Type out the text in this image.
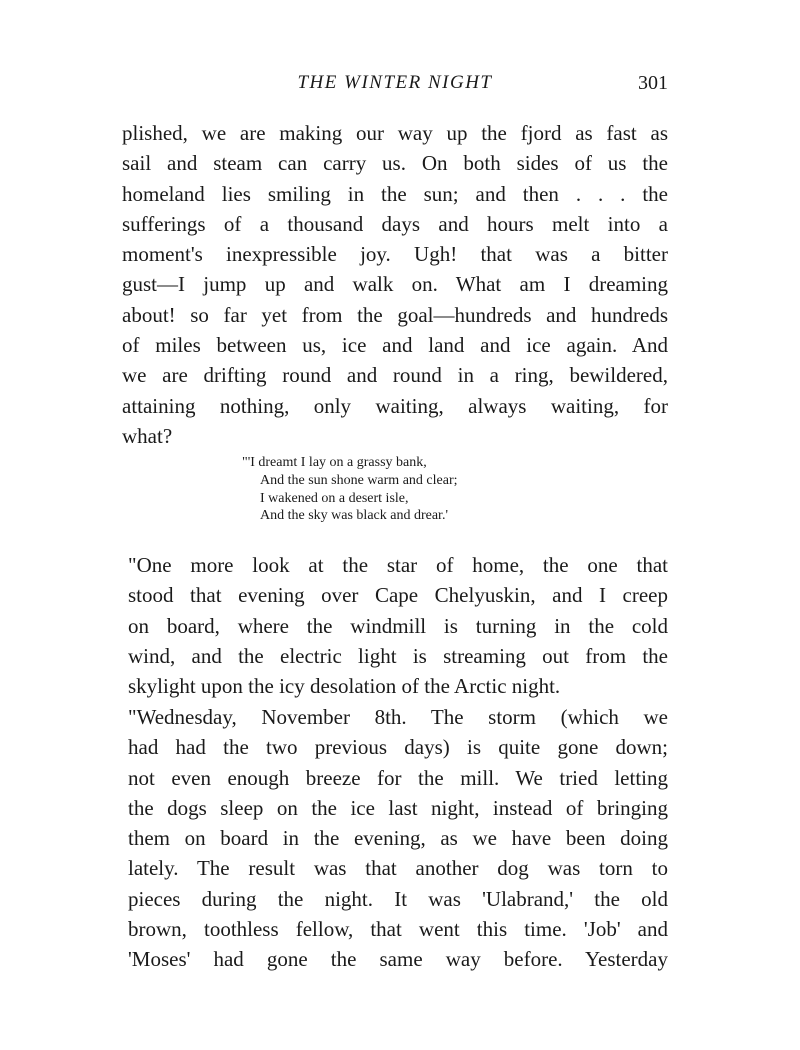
THE WINTER NIGHT	301
plished, we are making our way up the fjord as fast as
sail and steam can carry us. On both sides of us the
homeland lies smiling in the sun; and then . . . the
sufferings of a thousand days and hours melt into a
moment's inexpressible joy. Ugh! that was a bitter
gust—I jump up and walk on. What am I dreaming
about! so far yet from the goal—hundreds and hundreds
of miles between us, ice and land and ice again. And
we are drifting round and round in a ring, bewildered,
attaining nothing, only waiting, always waiting, for
what?
"'I dreamt I lay on a grassy bank,
And the sun shone warm and clear;
I wakened on a desert isle,
And the sky was black and drear.'
"One more look at the star of home, the one that
stood that evening over Cape Chelyuskin, and I creep
on board, where the windmill is turning in the cold
wind, and the electric light is streaming out from the
skylight upon the icy desolation of the Arctic night.
"Wednesday, November 8th. The storm (which we
had had the two previous days) is quite gone down;
not even enough breeze for the mill. We tried letting
the dogs sleep on the ice last night, instead of bringing
them on board in the evening, as we have been doing
lately. The result was that another dog was torn to
pieces during the night. It was 'Ulabrand,' the old
brown, toothless fellow, that went this time. 'Job' and
'Moses' had gone the same way before. Yesterday
